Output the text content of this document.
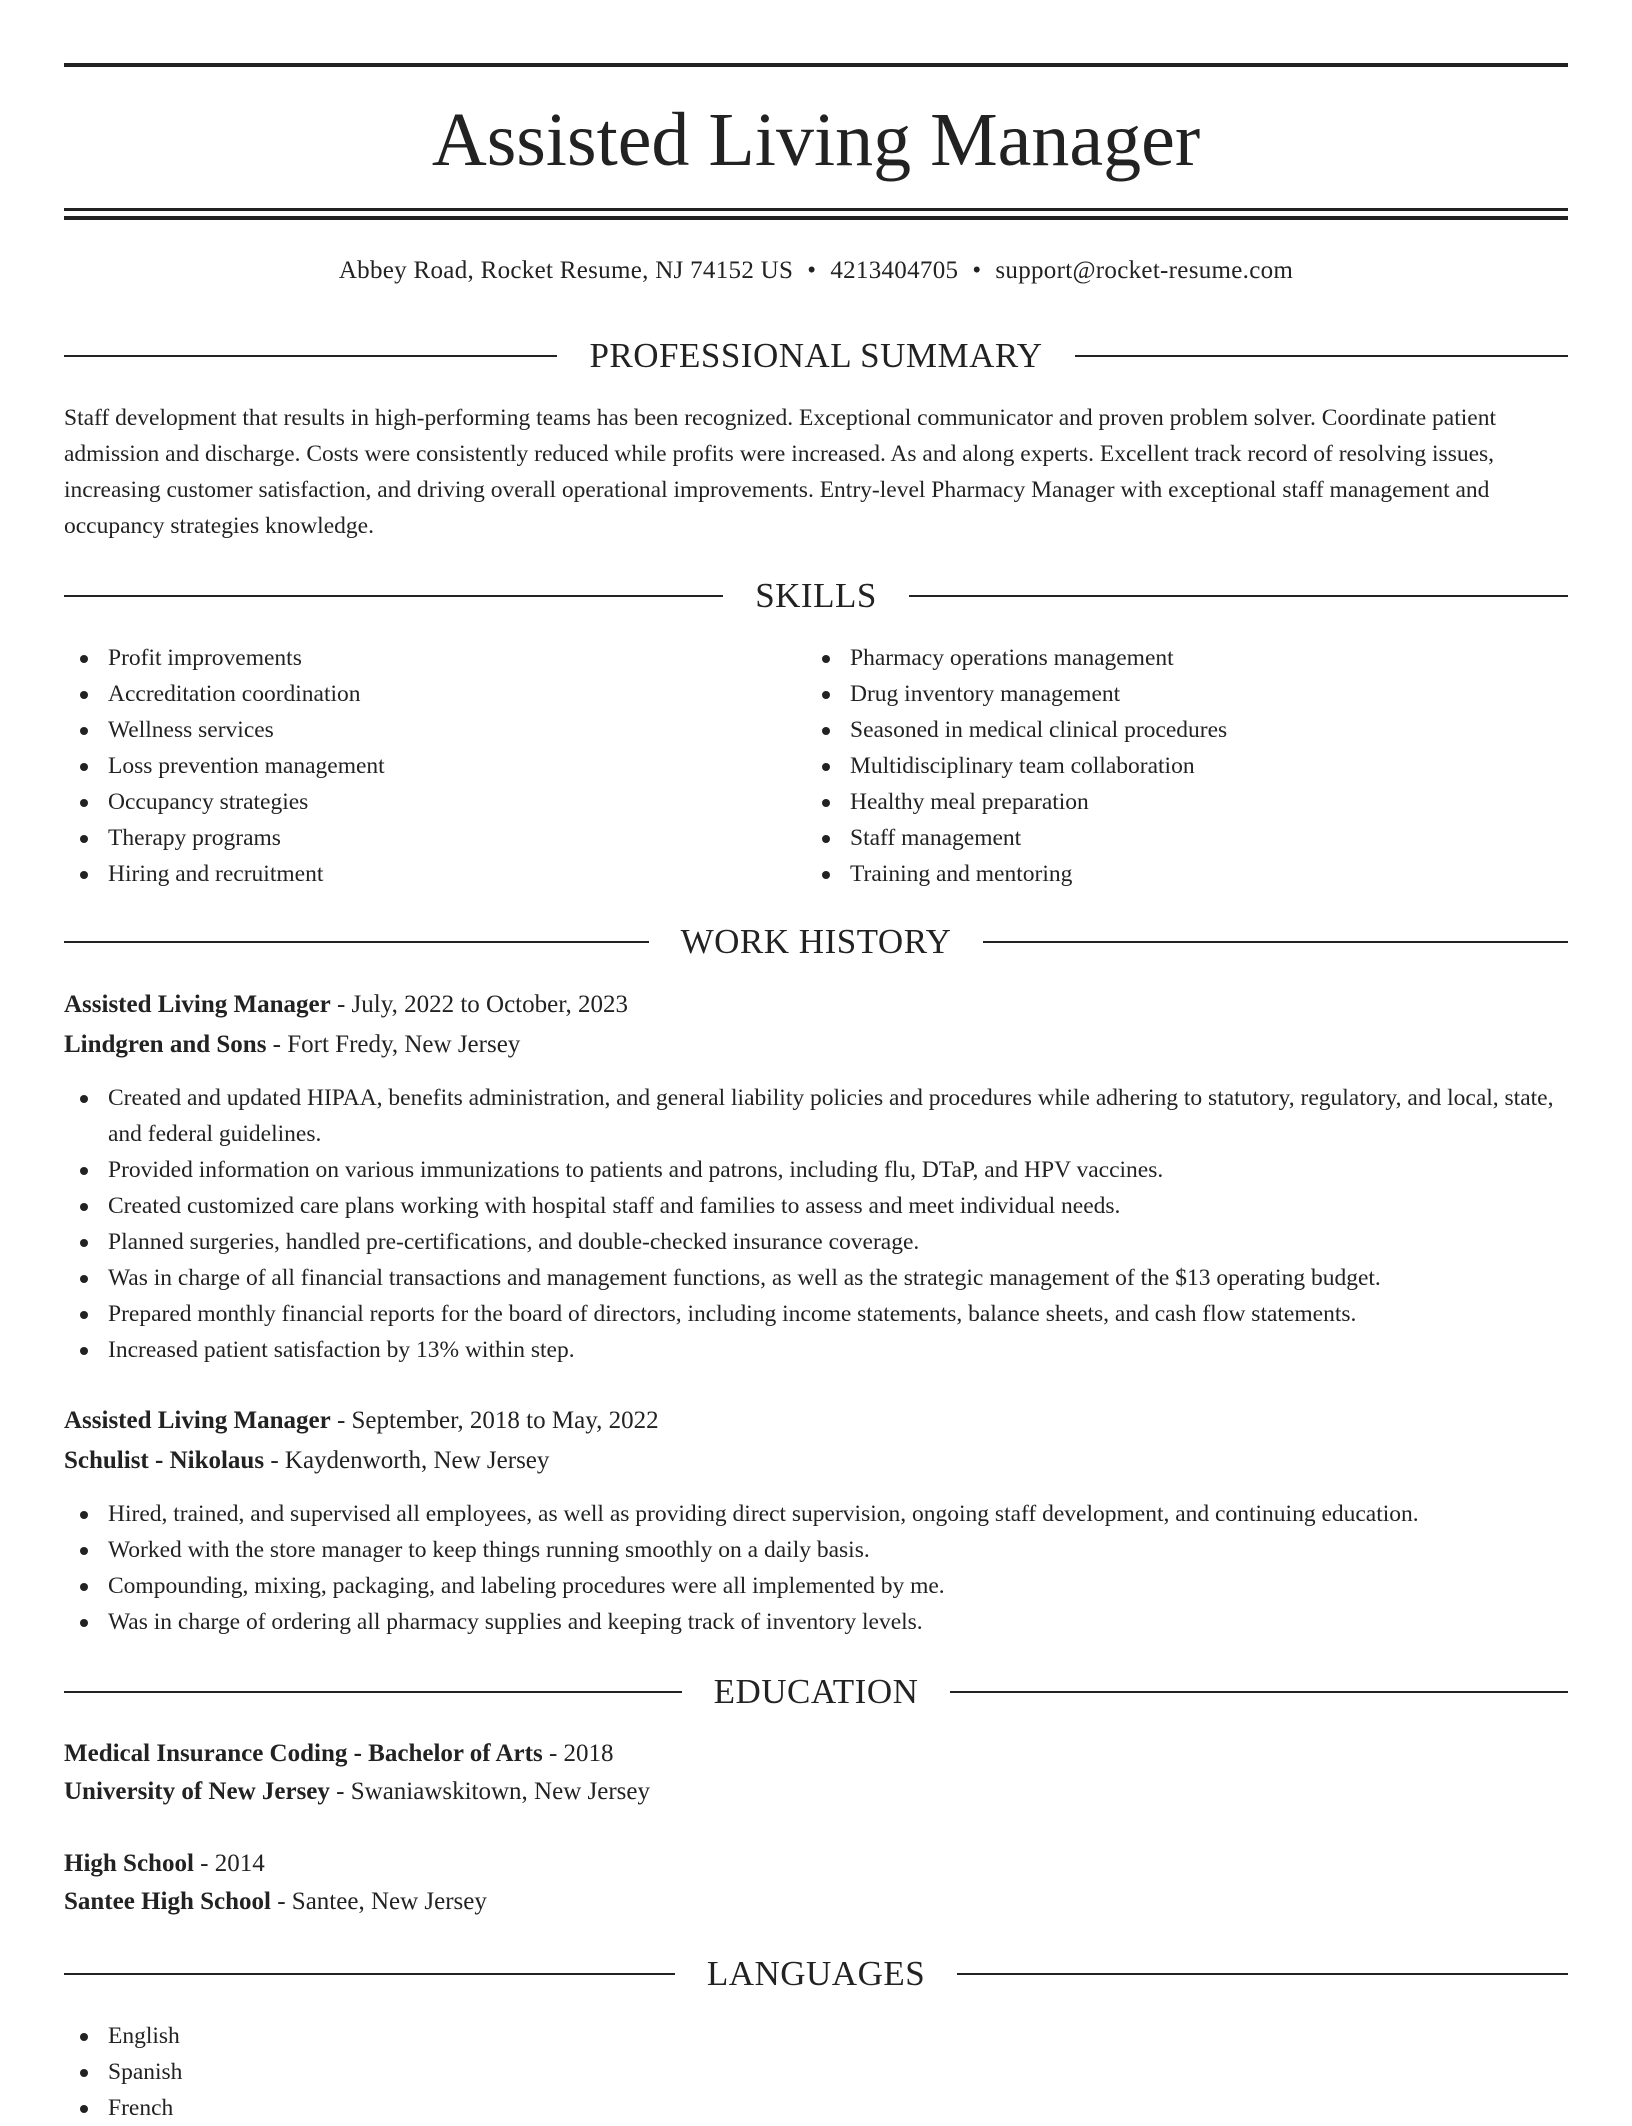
Assisted Living Manager
Abbey Road, Rocket Resume, NJ 74152 US • 4213404705 • support@rocket-resume.com
PROFESSIONAL SUMMARY

Staff development that results in high-performing teams has been recognized. Exceptional communicator and proven problem solver. Coordinate patient admission and discharge. Costs were consistently reduced while profits were increased. As and along experts. Excellent track record of resolving issues, increasing customer satisfaction, and driving overall operational improvements. Entry-level Pharmacy Manager with exceptional staff management and occupancy strategies knowledge.

SKILLS
Profit improvements
Accreditation coordination
Wellness services
Loss prevention management
Occupancy strategies
Therapy programs
Hiring and recruitment
Pharmacy operations management
Drug inventory management
Seasoned in medical clinical procedures
Multidisciplinary team collaboration
Healthy meal preparation
Staff management
Training and mentoring
WORK HISTORY
Assisted Living Manager - July, 2022 to October, 2023
Lindgren and Sons - Fort Fredy, New Jersey
Created and updated HIPAA, benefits administration, and general liability policies and procedures while adhering to statutory, regulatory, and local, state, and federal guidelines.
Provided information on various immunizations to patients and patrons, including flu, DTaP, and HPV vaccines.
Created customized care plans working with hospital staff and families to assess and meet individual needs.
Planned surgeries, handled pre-certifications, and double-checked insurance coverage.
Was in charge of all financial transactions and management functions, as well as the strategic management of the $13 operating budget.
Prepared monthly financial reports for the board of directors, including income statements, balance sheets, and cash flow statements.
Increased patient satisfaction by 13% within step.
Assisted Living Manager - September, 2018 to May, 2022
Schulist - Nikolaus - Kaydenworth, New Jersey
Hired, trained, and supervised all employees, as well as providing direct supervision, ongoing staff development, and continuing education.
Worked with the store manager to keep things running smoothly on a daily basis.
Compounding, mixing, packaging, and labeling procedures were all implemented by me.
Was in charge of ordering all pharmacy supplies and keeping track of inventory levels.
EDUCATION
Medical Insurance Coding - Bachelor of Arts - 2018
University of New Jersey - Swaniawskitown, New Jersey
High School - 2014
Santee High School - Santee, New Jersey
LANGUAGES
English
Spanish
French
